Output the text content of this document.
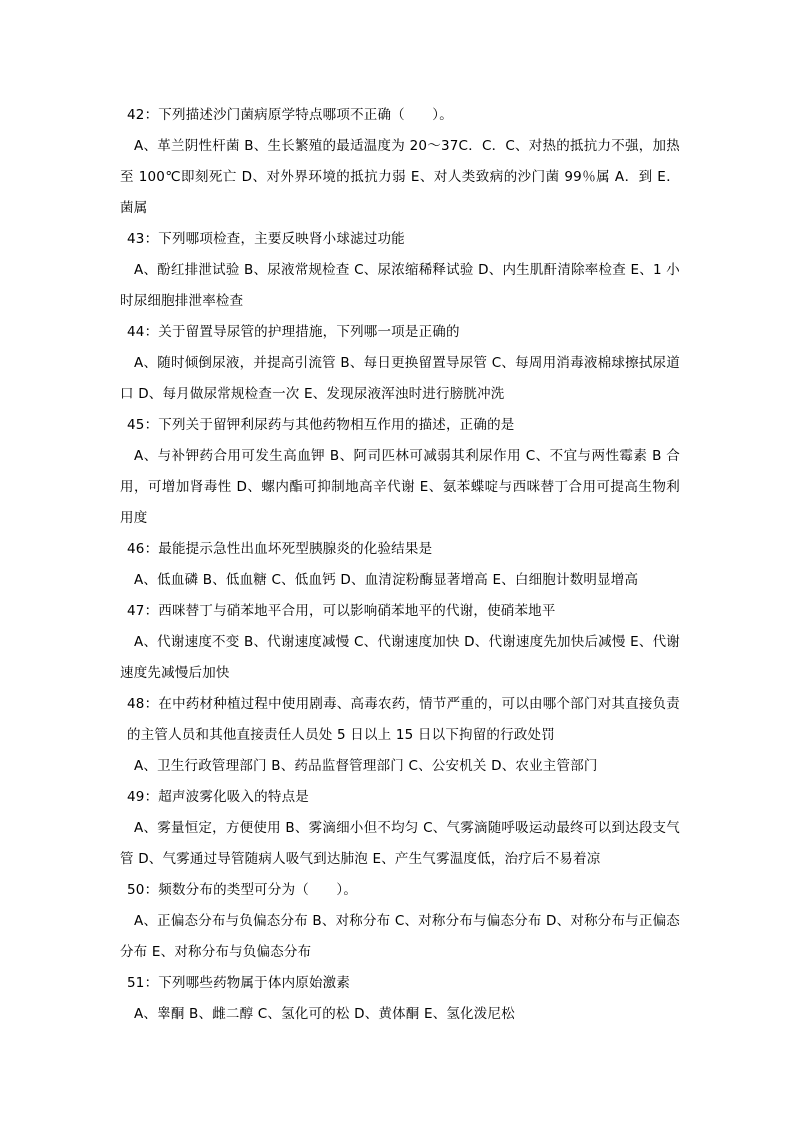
42：下列描述沙门菌病原学特点哪项不正确（　　）。

A、革兰阴性杆菌 B、生长繁殖的最适温度为 20～37C．C．C、对热的抵抗力不强，加热至 100℃即刻死亡 D、对外界环境的抵抗力弱 E、对人类致病的沙门菌 99％属 A．到 E．菌属

43：下列哪项检查，主要反映肾小球滤过功能

A、酚红排泄试验 B、尿液常规检查 C、尿浓缩稀释试验 D、内生肌酐清除率检查 E、1 小时尿细胞排泄率检查

44：关于留置导尿管的护理措施，下列哪一项是正确的

A、随时倾倒尿液，并提高引流管 B、每日更换留置导尿管 C、每周用消毒液棉球擦拭尿道口 D、每月做尿常规检查一次 E、发现尿液浑浊时进行膀胱冲洗

45：下列关于留钾利尿药与其他药物相互作用的描述，正确的是

A、与补钾药合用可发生高血钾 B、阿司匹林可减弱其利尿作用 C、不宜与两性霉素 B 合用，可增加肾毒性 D、螺内酯可抑制地高辛代谢 E、氨苯蝶啶与西咪替丁合用可提高生物利用度

46：最能提示急性出血坏死型胰腺炎的化验结果是

A、低血磷 B、低血糖 C、低血钙 D、血清淀粉酶显著增高 E、白细胞计数明显增高

47：西咪替丁与硝苯地平合用，可以影响硝苯地平的代谢，使硝苯地平

A、代谢速度不变 B、代谢速度减慢 C、代谢速度加快 D、代谢速度先加快后减慢 E、代谢速度先减慢后加快

48：在中药材种植过程中使用剧毒、高毒农药，情节严重的，可以由哪个部门对其直接负责的主管人员和其他直接责任人员处 5 日以上 15 日以下拘留的行政处罚

A、卫生行政管理部门 B、药品监督管理部门 C、公安机关 D、农业主管部门

49：超声波雾化吸入的特点是

A、雾量恒定，方便使用 B、雾滴细小但不均匀 C、气雾滴随呼吸运动最终可以到达段支气管 D、气雾通过导管随病人吸气到达肺泡 E、产生气雾温度低，治疗后不易着凉

50：频数分布的类型可分为（　　）。

A、正偏态分布与负偏态分布 B、对称分布 C、对称分布与偏态分布 D、对称分布与正偏态分布 E、对称分布与负偏态分布

51：下列哪些药物属于体内原始激素

A、睾酮 B、雌二醇 C、氢化可的松 D、黄体酮 E、氢化泼尼松
